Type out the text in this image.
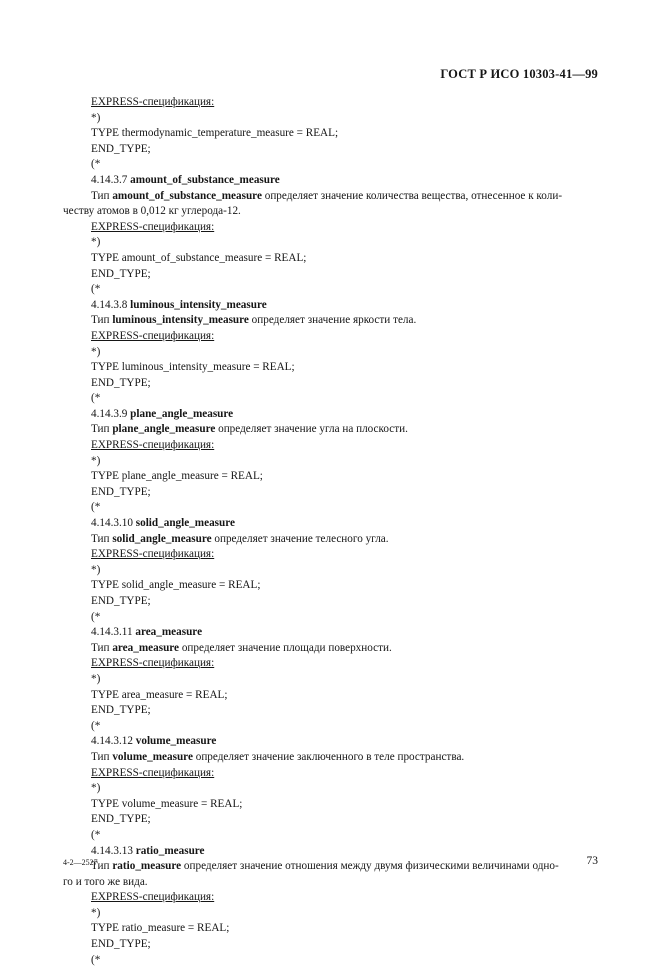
ГОСТ Р ИСО 10303-41—99
EXPRESS-спецификация:
*)
TYPE thermodynamic_temperature_measure = REAL;
END_TYPE;
(*
4.14.3.7 amount_of_substance_measure
Тип amount_of_substance_measure определяет значение количества вещества, отнесенное к коли-
честву атомов в 0,012 кг углерода-12.
EXPRESS-спецификация:
*)
TYPE amount_of_substance_measure = REAL;
END_TYPE;
(*
4.14.3.8 luminous_intensity_measure
Тип luminous_intensity_measure определяет значение яркости тела.
EXPRESS-спецификация:
*)
TYPE luminous_intensity_measure = REAL;
END_TYPE;
(*
4.14.3.9 plane_angle_measure
Тип plane_angle_measure определяет значение угла на плоскости.
EXPRESS-спецификация:
*)
TYPE plane_angle_measure = REAL;
END_TYPE;
(*
4.14.3.10 solid_angle_measure
Тип solid_angle_measure определяет значение телесного угла.
EXPRESS-спецификация:
*)
TYPE solid_angle_measure = REAL;
END_TYPE;
(*
4.14.3.11 area_measure
Тип area_measure определяет значение площади поверхности.
EXPRESS-спецификация:
*)
TYPE area_measure = REAL;
END_TYPE;
(*
4.14.3.12 volume_measure
Тип volume_measure определяет значение заключенного в теле пространства.
EXPRESS-спецификация:
*)
TYPE volume_measure = REAL;
END_TYPE;
(*
4.14.3.13 ratio_measure
Тип ratio_measure определяет значение отношения между двумя физическими величинами одно-
го и того же вида.
EXPRESS-спецификация:
*)
TYPE ratio_measure = REAL;
END_TYPE;
(*
4-2—2527	73
